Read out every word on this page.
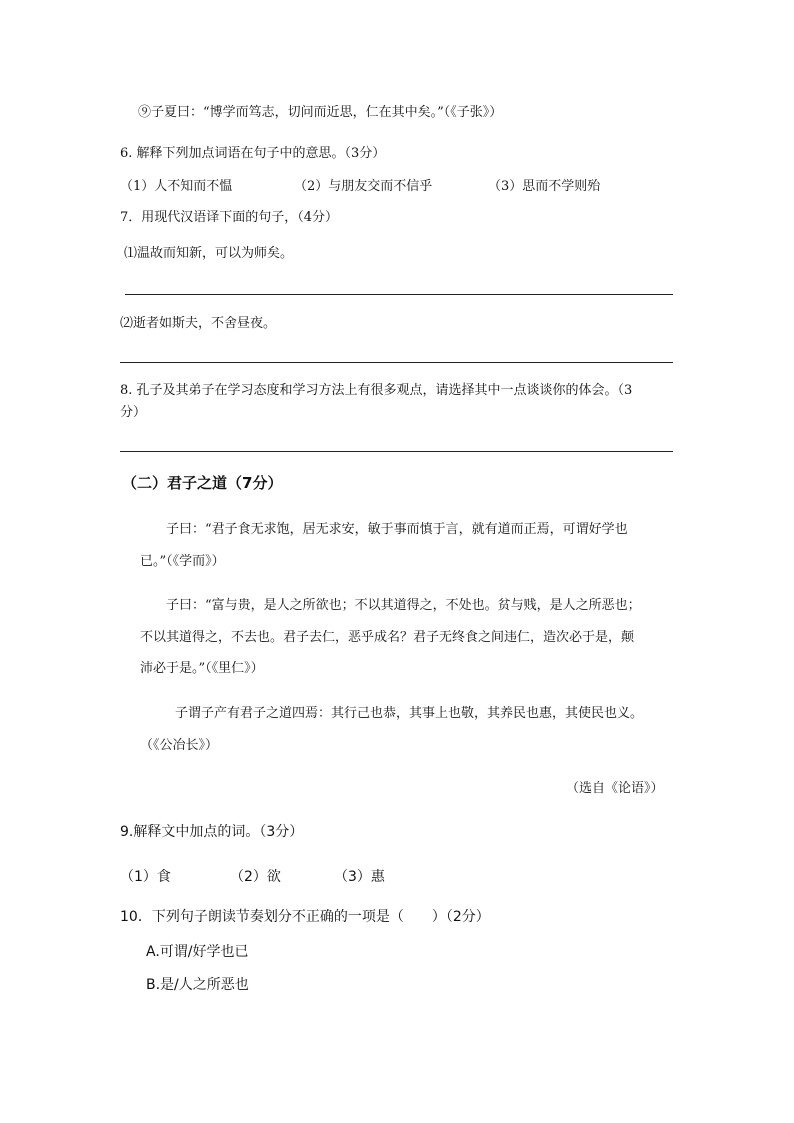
⑨子夏曰：“博学而笃志，切问而近思，仁在其中矣。”（《子张》）
6. 解释下列加点词语在句子中的意思。（3分）
（1）人不知而不愠	（2）与朋友交而不信乎	（3）思而不学则殆
7．用现代汉语译下面的句子，（4分）
⑴温故而知新，可以为师矣。
⑵逝者如斯夫，不舍昼夜。
8. 孔子及其弟子在学习态度和学习方法上有很多观点，请选择其中一点谈谈你的体会。（3
分）
（二）君子之道（7分）
子曰：“君子食无求饱，居无求安，敏于事而慎于言，就有道而正焉，可谓好学也
已。”（《学而》）
子曰：“富与贵，是人之所欲也；不以其道得之，不处也。贫与贱，是人之所恶也；
不以其道得之，不去也。君子去仁，恶乎成名？君子无终食之间违仁，造次必于是，颠
沛必于是。”（《里仁》）
子谓子产有君子之道四焉：其行己也恭，其事上也敬，其养民也惠，其使民也义。
（《公冶长》）
（选自《论语》）
9.解释文中加点的词。（3分）
（1）食	（2）欲	（3）惠
10．下列句子朗读节奏划分不正确的一项是（　　）（2分）
A.可谓/好学也已
B.是/人之所恶也
